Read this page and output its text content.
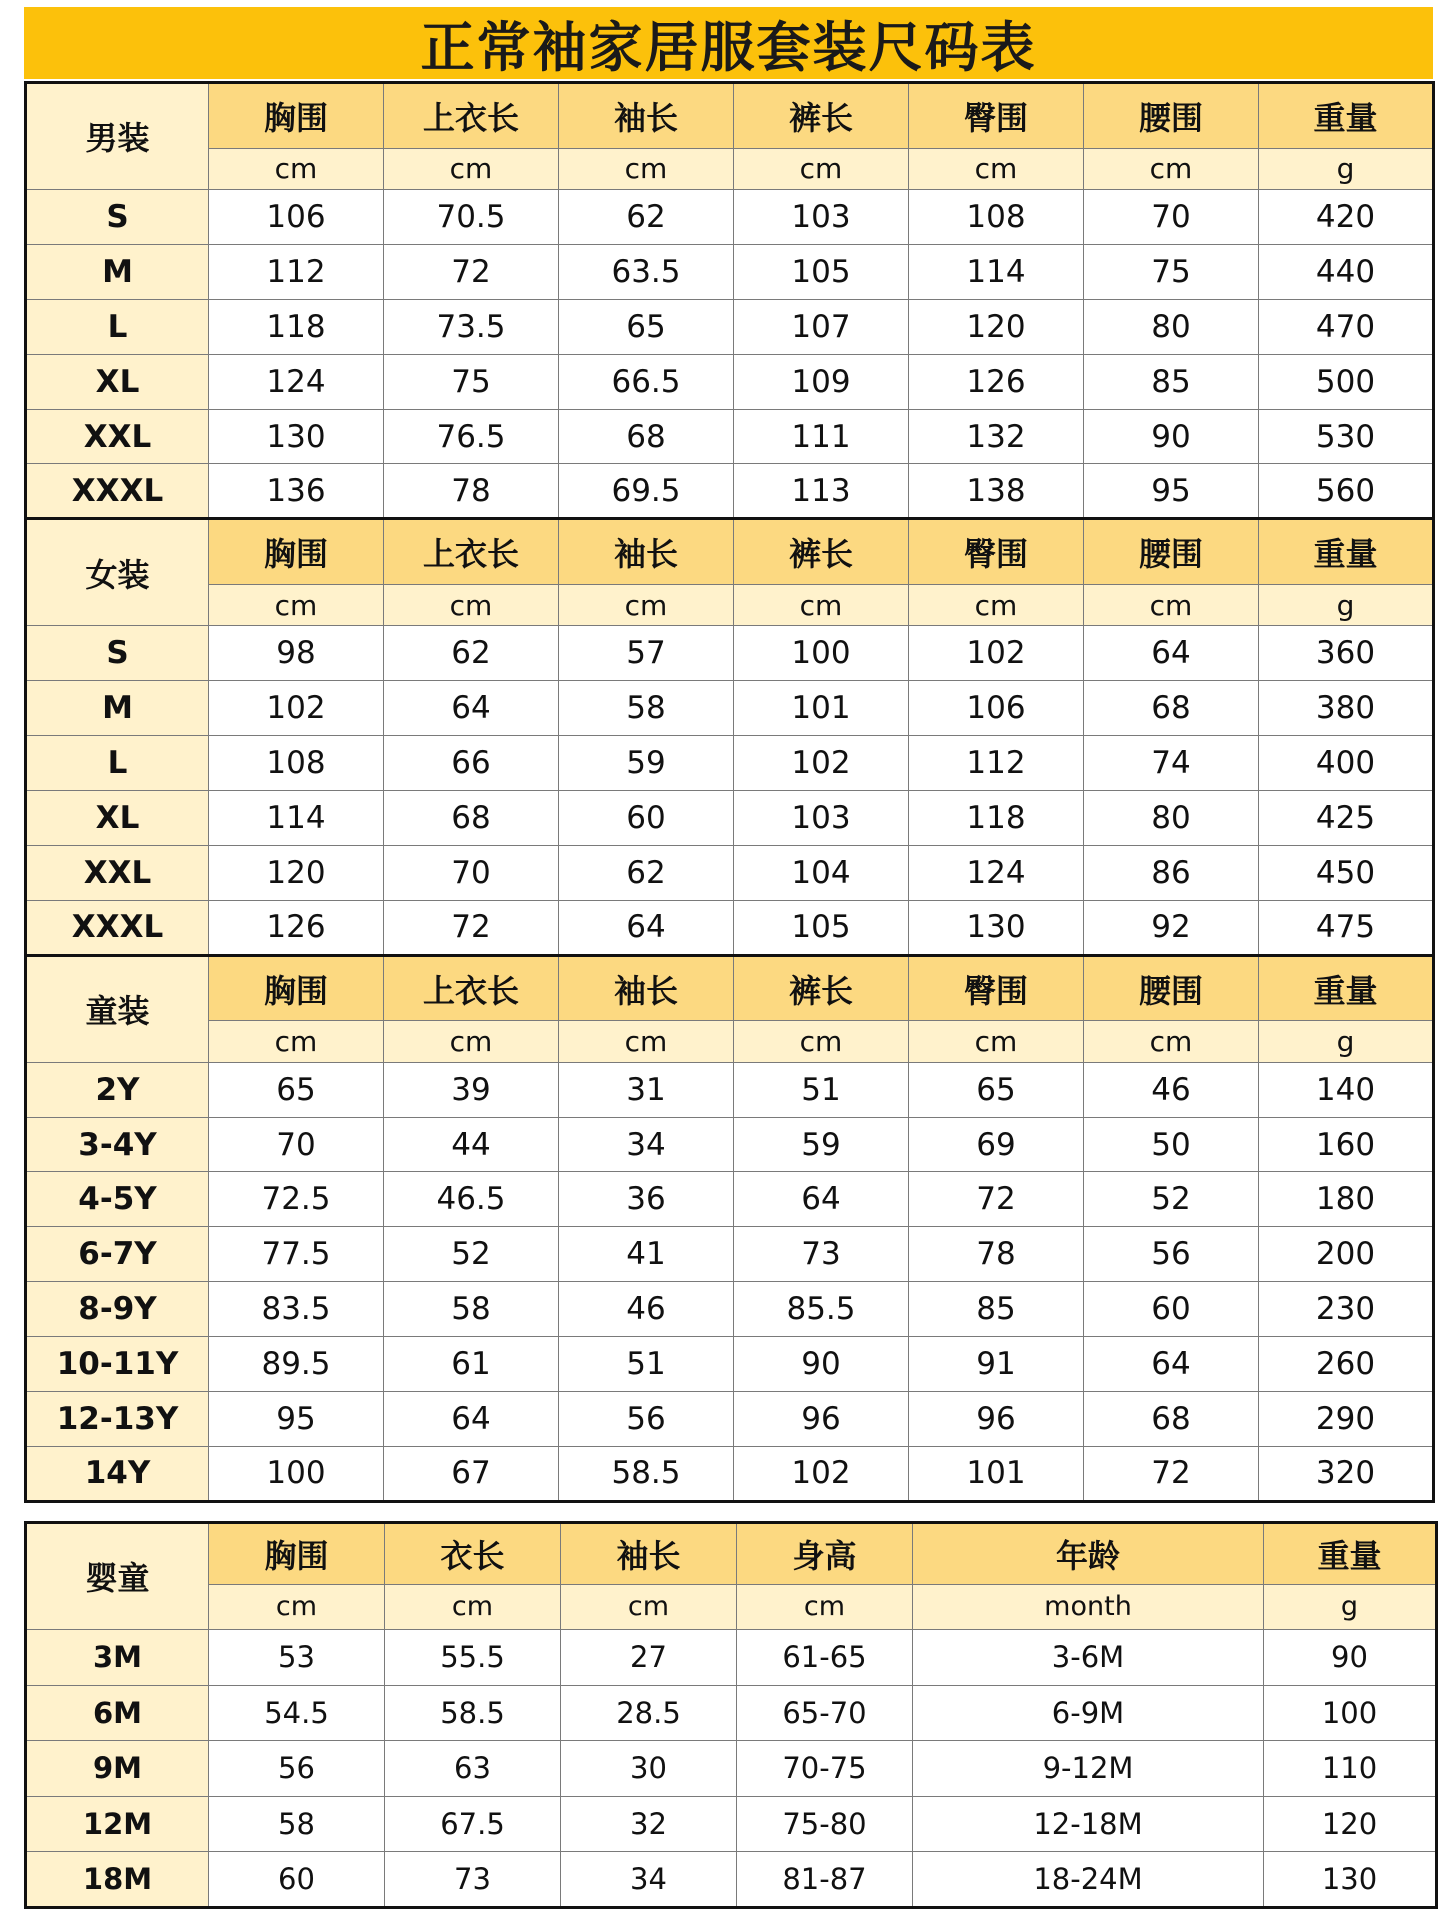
正常袖家居服套装尺码表
男装	胸围	上衣长	袖长	裤长	臀围	腰围	重量
	cm	cm	cm	cm	cm	cm	g
S	106	70.5	62	103	108	70	420
M	112	72	63.5	105	114	75	440
L	118	73.5	65	107	120	80	470
XL	124	75	66.5	109	126	85	500
XXL	130	76.5	68	111	132	90	530
XXXL	136	78	69.5	113	138	95	560
女装	胸围	上衣长	袖长	裤长	臀围	腰围	重量
	cm	cm	cm	cm	cm	cm	g
S	98	62	57	100	102	64	360
M	102	64	58	101	106	68	380
L	108	66	59	102	112	74	400
XL	114	68	60	103	118	80	425
XXL	120	70	62	104	124	86	450
XXXL	126	72	64	105	130	92	475
童装	胸围	上衣长	袖长	裤长	臀围	腰围	重量
	cm	cm	cm	cm	cm	cm	g
2Y	65	39	31	51	65	46	140
3-4Y	70	44	34	59	69	50	160
4-5Y	72.5	46.5	36	64	72	52	180
6-7Y	77.5	52	41	73	78	56	200
8-9Y	83.5	58	46	85.5	85	60	230
10-11Y	89.5	61	51	90	91	64	260
12-13Y	95	64	56	96	96	68	290
14Y	100	67	58.5	102	101	72	320
婴童	胸围	衣长	袖长	身高	年龄	重量
	cm	cm	cm	cm	month	g
3M	53	55.5	27	61-65	3-6M	90
6M	54.5	58.5	28.5	65-70	6-9M	100
9M	56	63	30	70-75	9-12M	110
12M	58	67.5	32	75-80	12-18M	120
18M	60	73	34	81-87	18-24M	130
